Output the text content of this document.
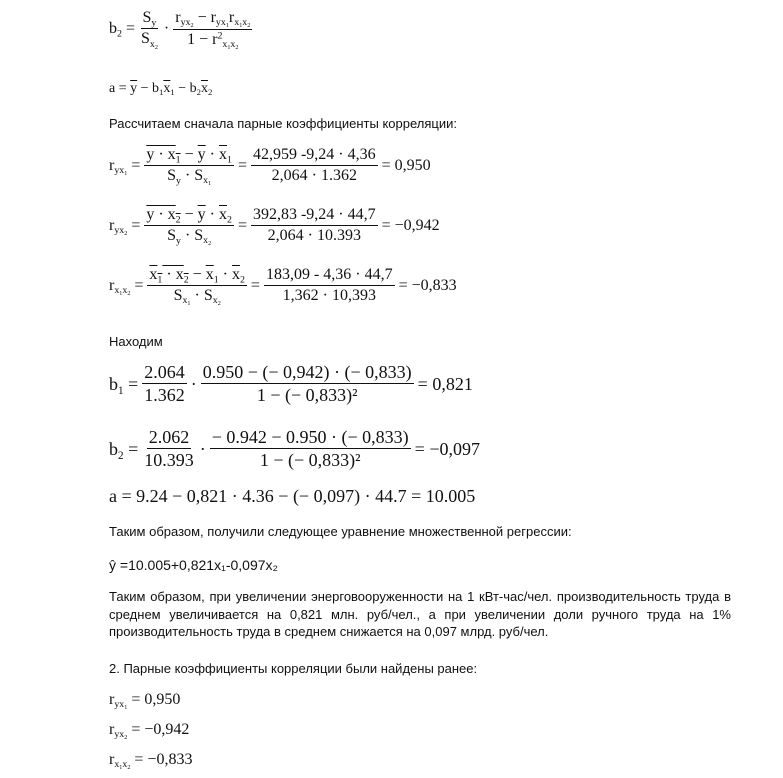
$b_2 = \frac{S_y}{S_{x_2}} \cdot \frac{r_{yx_2} - r_{yx_1}r_{x_1x_2}}{1 - r^2_{x_1x_2}}$
$a = \overline{y} - b_1\overline{x}_1 - b_2\overline{x}_2$
Рассчитаем сначала парные коэффициенты корреляции:
$r_{yx_1} = \frac{y \cdot x_1 - \overline{y} \cdot \overline{x}_1}{S_y \cdot S_{x_1}} = \frac{42,959 -9,24 \cdot 4,36}{2,064 \cdot 1.362} = 0,950$
$r_{yx_2} = \frac{y \cdot x_2 - \overline{y} \cdot \overline{x}_2}{S_y \cdot S_{x_2}} = \frac{392,83 -9,24 \cdot 44,7}{2,064 \cdot 10.393} = -0,942$
$r_{x_1x_2} = \frac{x_1 \cdot x_2 - \overline{x}_1 \cdot \overline{x}_2}{S_{x_1} \cdot S_{x_2}} = \frac{183,09 - 4,36 \cdot 44,7}{1,362 \cdot 10,393} = -0,833$
Находим
$b_1 = \frac{2.064}{1.362} \cdot \frac{0.950 - (- 0,942) \cdot (- 0,833)}{\text{1 − (− 0,833)²}} = 0,821$
$b_2 = \frac{2.062}{10.393} \cdot \frac{- 0.942 - 0.950 \cdot (- 0,833)}{\text{1 − (− 0,833)²}} = -0,097$
a = 9.24 − 0,821 · 4.36 − (− 0,097) · 44.7 = 10.005
Таким образом, получили следующее уравнение множественной регрессии:
ŷ =10.005+0,821x₁-0,097x₂
Таким образом, при увеличении энерговооруженности на 1 кВт-час/чел. производительность труда в среднем увеличивается на 0,821 млн. руб/чел., а при увеличении доли ручного труда на 1% производительность труда в среднем снижается на 0,097 млрд. руб/чел.
2. Парные коэффициенты корреляции были найдены ранее:
$r_{yx_1} = 0,950$
$r_{yx_2} = -0,942$
$r_{x_1x_2} = -0,833$
